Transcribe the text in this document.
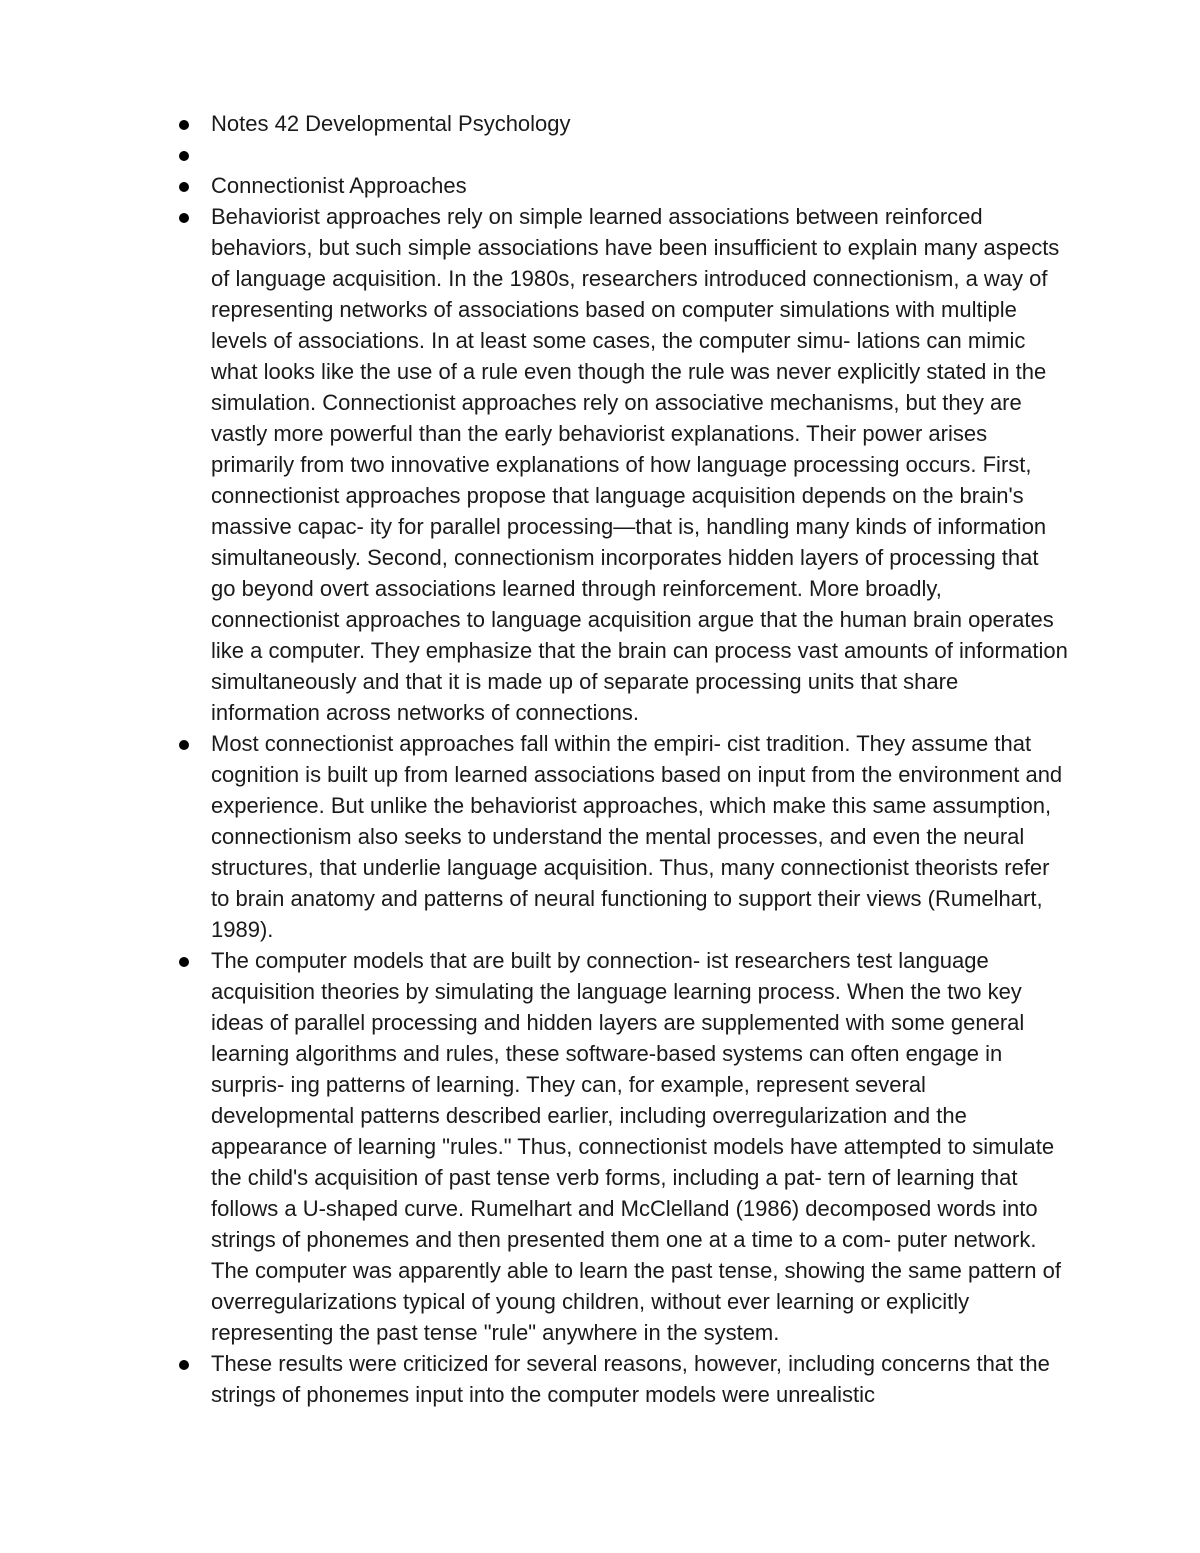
Notes 42 Developmental Psychology
Connectionist Approaches
Behaviorist approaches rely on simple learned associations between reinforced behaviors, but such simple associations have been insufficient to explain many aspects of language acquisition. In the 1980s, researchers introduced connectionism, a way of representing networks of associations based on computer simulations with multiple levels of associations. In at least some cases, the computer simu- lations can mimic what looks like the use of a rule even though the rule was never explicitly stated in the simulation. Connectionist approaches rely on associative mechanisms, but they are vastly more powerful than the early behaviorist explanations. Their power arises primarily from two innovative explanations of how language processing occurs. First, connectionist approaches propose that language acquisition depends on the brain's massive capac- ity for parallel processing—that is, handling many kinds of information simultaneously. Second, connectionism incorporates hidden layers of processing that go beyond overt associations learned through reinforcement. More broadly, connectionist approaches to language acquisition argue that the human brain operates like a computer. They emphasize that the brain can process vast amounts of information simultaneously and that it is made up of separate processing units that share information across networks of connections.
Most connectionist approaches fall within the empiri- cist tradition. They assume that cognition is built up from learned associations based on input from the environment and experience. But unlike the behaviorist approaches, which make this same assumption, connectionism also seeks to understand the mental processes, and even the neural structures, that underlie language acquisition. Thus, many connectionist theorists refer to brain anatomy and patterns of neural functioning to support their views (Rumelhart, 1989).
The computer models that are built by connection- ist researchers test language acquisition theories by simulating the language learning process. When the two key ideas of parallel processing and hidden layers are supplemented with some general learning algorithms and rules, these software-based systems can often engage in surpris- ing patterns of learning. They can, for example, represent several developmental patterns described earlier, including overregularization and the appearance of learning "rules." Thus, connectionist models have attempted to simulate the child's acquisition of past tense verb forms, including a pat- tern of learning that follows a U-shaped curve. Rumelhart and McClelland (1986) decomposed words into strings of phonemes and then presented them one at a time to a com- puter network. The computer was apparently able to learn the past tense, showing the same pattern of overregularizations typical of young children, without ever learning or explicitly representing the past tense "rule" anywhere in the system.
These results were criticized for several reasons, however, including concerns that the strings of phonemes input into the computer models were unrealistic
